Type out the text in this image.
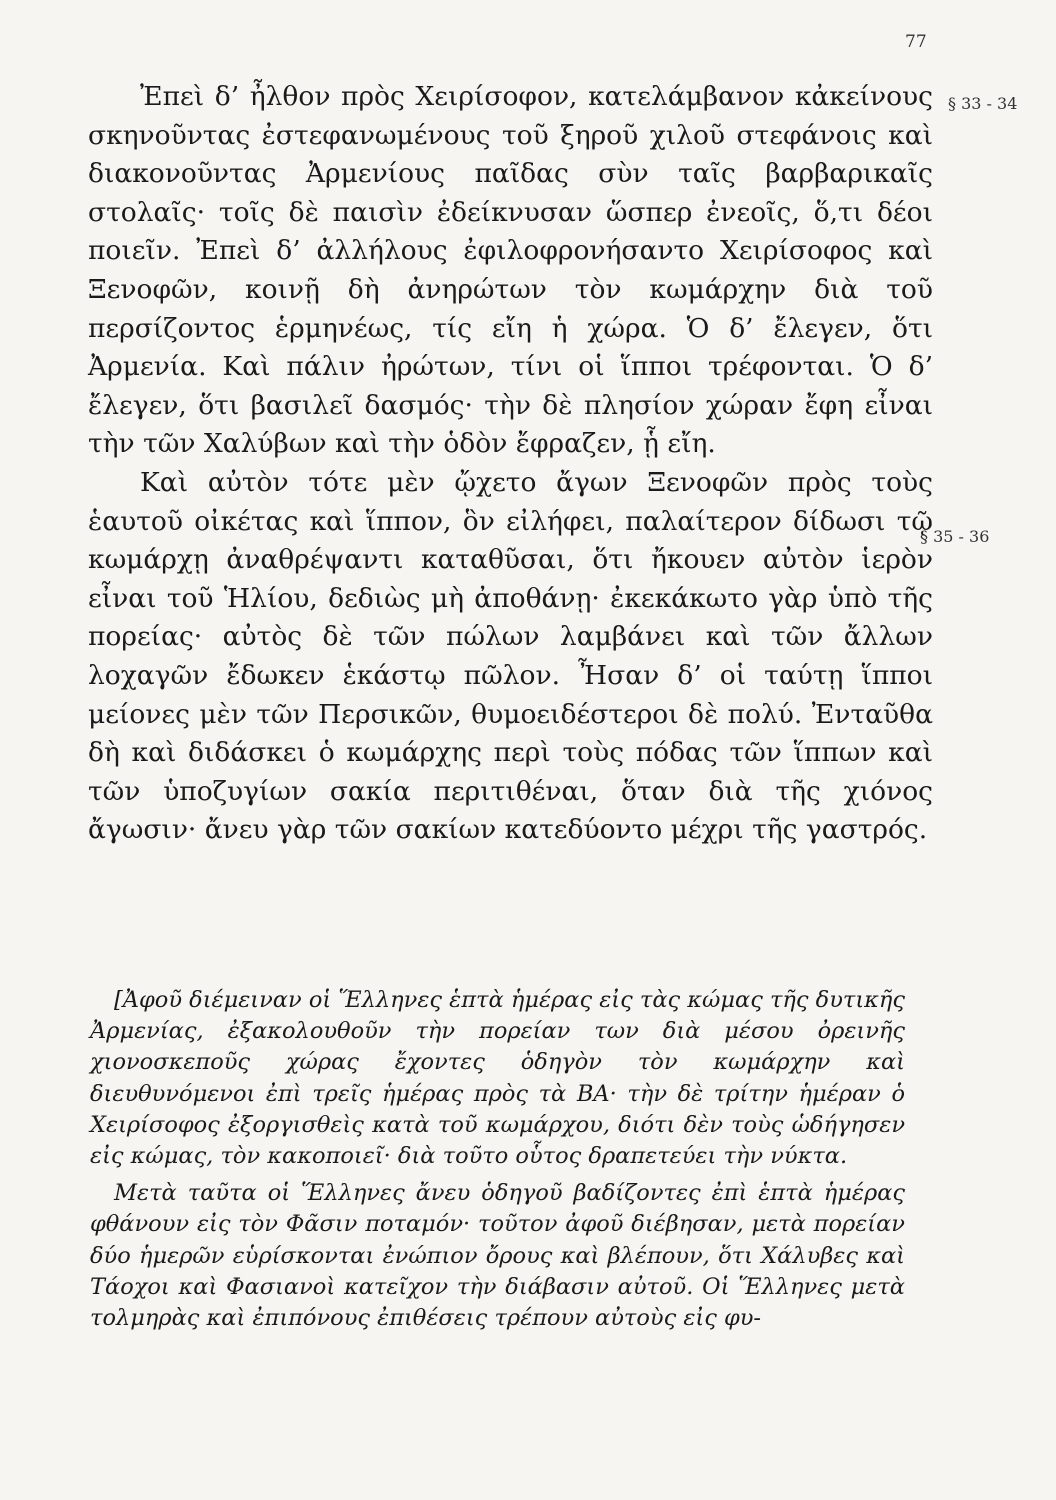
77
§ 33 - 34
§ 35 - 36

Ἐπεὶ δ’ ἦλθον πρὸς Χειρίσοφον, κατελάμβανον κἀκείνους σκηνοῦντας ἐστεφανωμένους τοῦ ξηροῦ χιλοῦ στεφάνοις καὶ διακονοῦντας Ἀρμενίους παῖδας σὺν ταῖς βαρβαρικαῖς στολαῖς· τοῖς δὲ παισὶν ἐδείκνυσαν ὥσπερ ἐνεοῖς, ὅ,τι δέοι ποιεῖν. Ἐπεὶ δ’ ἀλλήλους ἐφιλοφρονήσαντο Χειρίσοφος καὶ Ξενοφῶν, κοινῇ δὴ ἀνηρώτων τὸν κωμάρχην διὰ τοῦ περσίζοντος ἑρμηνέως, τίς εἴη ἡ χώρα. Ὁ δ’ ἔλεγεν, ὅτι Ἀρμενία. Καὶ πάλιν ἠρώτων, τίνι οἱ ἵπποι τρέφονται. Ὁ δ’ ἔλεγεν, ὅτι βασιλεῖ δασμός· τὴν δὲ πλησίον χώραν ἔφη εἶναι τὴν τῶν Χαλύβων καὶ τὴν ὁδὸν ἔφραζεν, ᾗ εἴη.

Καὶ αὐτὸν τότε μὲν ᾤχετο ἄγων Ξενοφῶν πρὸς τοὺς ἑαυτοῦ οἰκέτας καὶ ἵππον, ὃν εἰλήφει, παλαίτερον δίδωσι τῷ κωμάρχῃ ἀναθρέψαντι καταθῦσαι, ὅτι ἤκουεν αὐτὸν ἱερὸν εἶναι τοῦ Ἡλίου, δεδιὼς μὴ ἀποθάνῃ· ἐκεκάκωτο γὰρ ὑπὸ τῆς πορείας· αὐτὸς δὲ τῶν πώλων λαμβάνει καὶ τῶν ἄλλων λοχαγῶν ἔδωκεν ἑκάστῳ πῶλον. Ἦσαν δ’ οἱ ταύτῃ ἵπποι μείονες μὲν τῶν Περσικῶν, θυμοειδέστεροι δὲ πολύ. Ἐνταῦθα δὴ καὶ διδάσκει ὁ κωμάρχης περὶ τοὺς πόδας τῶν ἵππων καὶ τῶν ὑποζυγίων σακία περιτιθέναι, ὅταν διὰ τῆς χιόνος ἄγωσιν· ἄνευ γὰρ τῶν σακίων κατεδύοντο μέχρι τῆς γαστρός.

[Ἀφοῦ διέμειναν οἱ Ἕλληνες ἑπτὰ ἡμέρας εἰς τὰς κώμας τῆς δυτικῆς Ἀρμενίας, ἐξακολουθοῦν τὴν πορείαν των διὰ μέσου ὀρεινῆς χιονοσκεποῦς χώρας ἔχοντες ὁδηγὸν τὸν κωμάρχην καὶ διευθυνόμενοι ἐπὶ τρεῖς ἡμέρας πρὸς τὰ ΒΑ· τὴν δὲ τρίτην ἡμέραν ὁ Χειρίσοφος ἐξοργισθεὶς κατὰ τοῦ κωμάρχου, διότι δὲν τοὺς ὡδήγησεν εἰς κώμας, τὸν κακοποιεῖ· διὰ τοῦτο οὗτος δραπετεύει τὴν νύκτα.

Μετὰ ταῦτα οἱ Ἕλληνες ἄνευ ὁδηγοῦ βαδίζοντες ἐπὶ ἑπτὰ ἡμέρας φθάνουν εἰς τὸν Φᾶσιν ποταμόν· τοῦτον ἀφοῦ διέβησαν, μετὰ πορείαν δύο ἡμερῶν εὑρίσκονται ἐνώπιον ὄρους καὶ βλέπουν, ὅτι Χάλυβες καὶ Τάοχοι καὶ Φασιανοὶ κατεῖχον τὴν διάβασιν αὐτοῦ. Οἱ Ἕλληνες μετὰ τολμηρὰς καὶ ἐπιπόνους ἐπιθέσεις τρέπουν αὐτοὺς εἰς φυ-
